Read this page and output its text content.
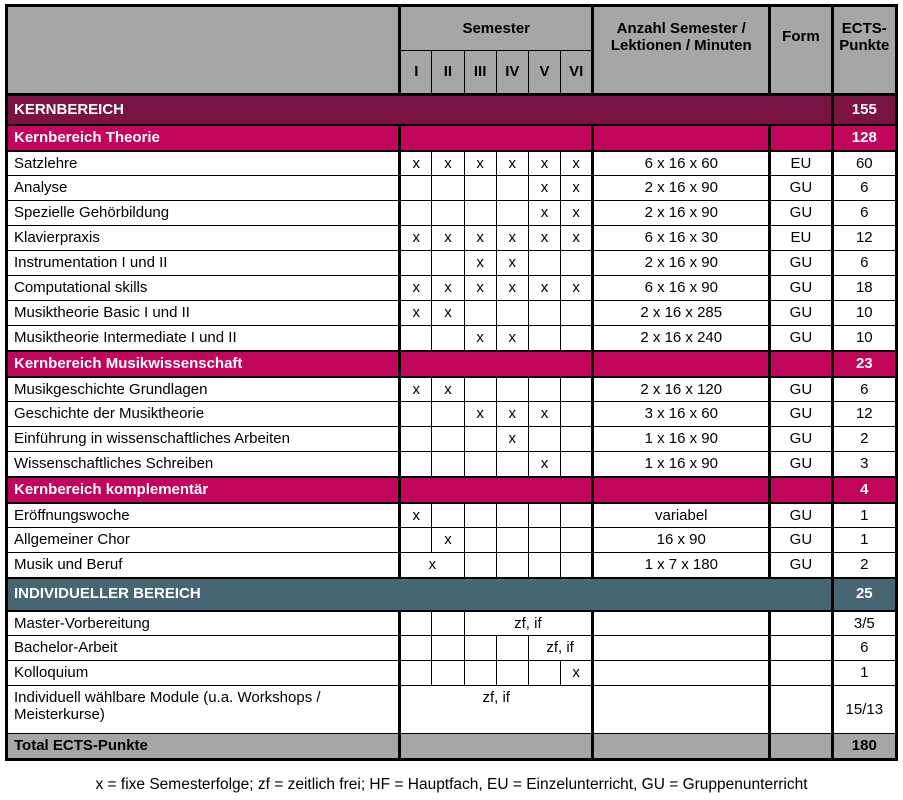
	Semester						Anzahl Semester / Lektionen / Minuten	Form	ECTS-Punkte
	I	II	III	IV	V	VI			
KERNBEREICH									155
Kernbereich Theorie									128
Satzlehre	x	x	x	x	x	x	6 x 16 x 60	EU	60
Analyse					x	x	2 x 16 x 90	GU	6
Spezielle Gehörbildung					x	x	2 x 16 x 90	GU	6
Klavierpraxis	x	x	x	x	x	x	6 x 16 x 30	EU	12
Instrumentation I und II			x	x			2 x 16 x 90	GU	6
Computational skills	x	x	x	x	x	x	6 x 16 x 90	GU	18
Musiktheorie Basic I und II	x	x					2 x 16 x 285	GU	10
Musiktheorie Intermediate I und II			x	x			2 x 16 x 240	GU	10
Kernbereich Musikwissenschaft									23
Musikgeschichte Grundlagen	x	x					2 x 16 x 120	GU	6
Geschichte der Musiktheorie			x	x	x		3 x 16 x 60	GU	12
Einführung in wissenschaftliches Arbeiten				x			1 x 16 x 90	GU	2
Wissenschaftliches Schreiben					x		1 x 16 x 90	GU	3
Kernbereich komplementär									4
Eröffnungswoche	x						variabel	GU	1
Allgemeiner Chor		x					16 x 90	GU	1
Musik und Beruf	x						1 x 7 x 180	GU	2
INDIVIDUELLER BEREICH									25
Master-Vorbereitung			zf, if						3/5
Bachelor-Arbeit					zf, if				6
Kolloquium						x			1
Individuell wählbare Module (u.a. Workshops / Meisterkurse)	zf, if								15/13
Total ECTS-Punkte									180
x = fixe Semesterfolge; zf = zeitlich frei; HF = Hauptfach, EU = Einzelunterricht, GU = Gruppenunterricht
